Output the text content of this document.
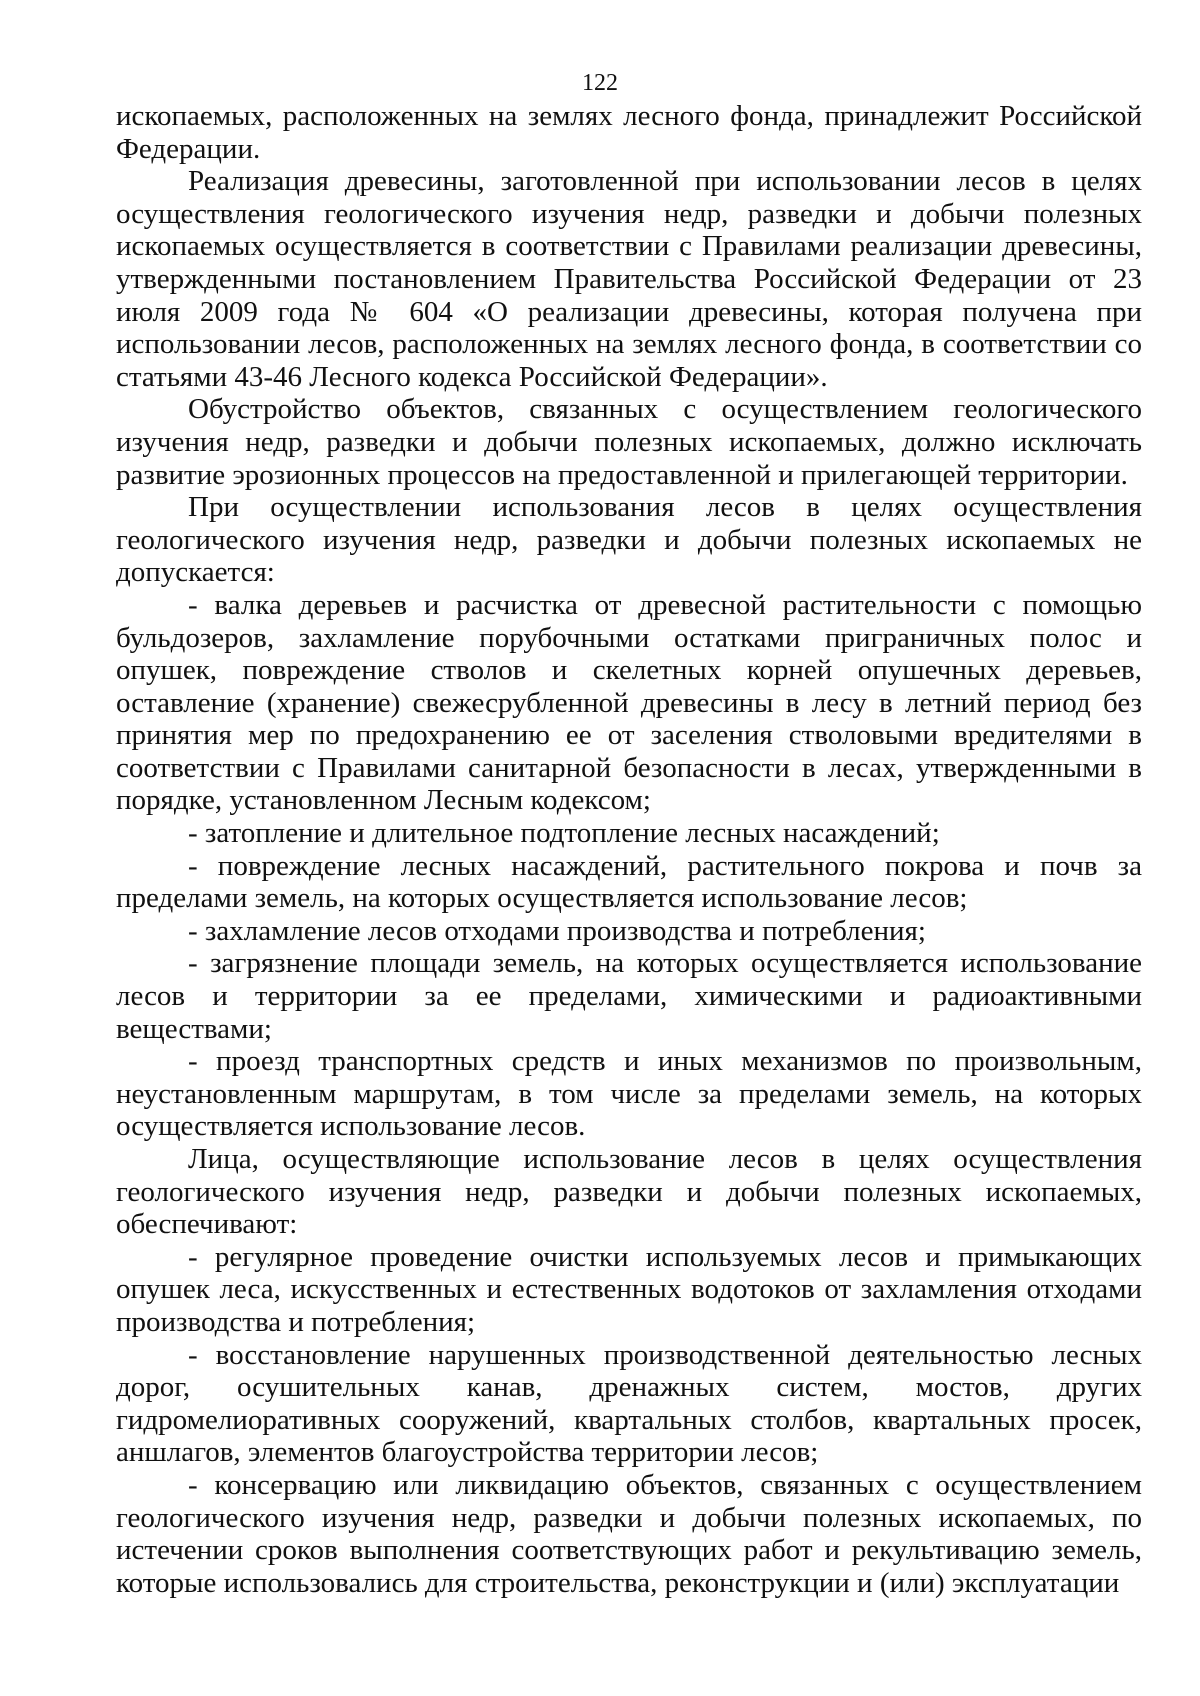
122

ископаемых, расположенных на землях лесного фонда, принадлежит Российской Федерации.

Реализация древесины, заготовленной при использовании лесов в целях осуществления геологического изучения недр, разведки и добычи полезных ископаемых осуществляется в соответствии с Правилами реализации древесины, утвержденными постановлением Правительства Российской Федерации от 23 июля 2009 года № 604 «О реализации древесины, которая получена при использовании лесов, расположенных на землях лесного фонда, в соответствии со статьями 43-46 Лесного кодекса Российской Федерации».

Обустройство объектов, связанных с осуществлением геологического изучения недр, разведки и добычи полезных ископаемых, должно исключать развитие эрозионных процессов на предоставленной и прилегающей территории.

При осуществлении использования лесов в целях осуществления геологического изучения недр, разведки и добычи полезных ископаемых не допускается:

- валка деревьев и расчистка от древесной растительности с помощью бульдозеров, захламление порубочными остатками приграничных полос и опушек, повреждение стволов и скелетных корней опушечных деревьев, оставление (хранение) свежесрубленной древесины в лесу в летний период без принятия мер по предохранению ее от заселения стволовыми вредителями в соответствии с Правилами санитарной безопасности в лесах, утвержденными в порядке, установленном Лесным кодексом;

- затопление и длительное подтопление лесных насаждений;

- повреждение лесных насаждений, растительного покрова и почв за пределами земель, на которых осуществляется использование лесов;

- захламление лесов отходами производства и потребления;

- загрязнение площади земель, на которых осуществляется использование лесов и территории за ее пределами, химическими и радиоактивными веществами;

- проезд транспортных средств и иных механизмов по произвольным, неустановленным маршрутам, в том числе за пределами земель, на которых осуществляется использование лесов.

Лица, осуществляющие использование лесов в целях осуществления геологического изучения недр, разведки и добычи полезных ископаемых, обеспечивают:

- регулярное проведение очистки используемых лесов и примыкающих опушек леса, искусственных и естественных водотоков от захламления отходами производства и потребления;

- восстановление нарушенных производственной деятельностью лесных дорог, осушительных канав, дренажных систем, мостов, других гидромелиоративных сооружений, квартальных столбов, квартальных просек, аншлагов, элементов благоустройства территории лесов;

- консервацию или ликвидацию объектов, связанных с осуществлением геологического изучения недр, разведки и добычи полезных ископаемых, по истечении сроков выполнения соответствующих работ и рекультивацию земель, которые использовались для строительства, реконструкции и (или) эксплуатации
